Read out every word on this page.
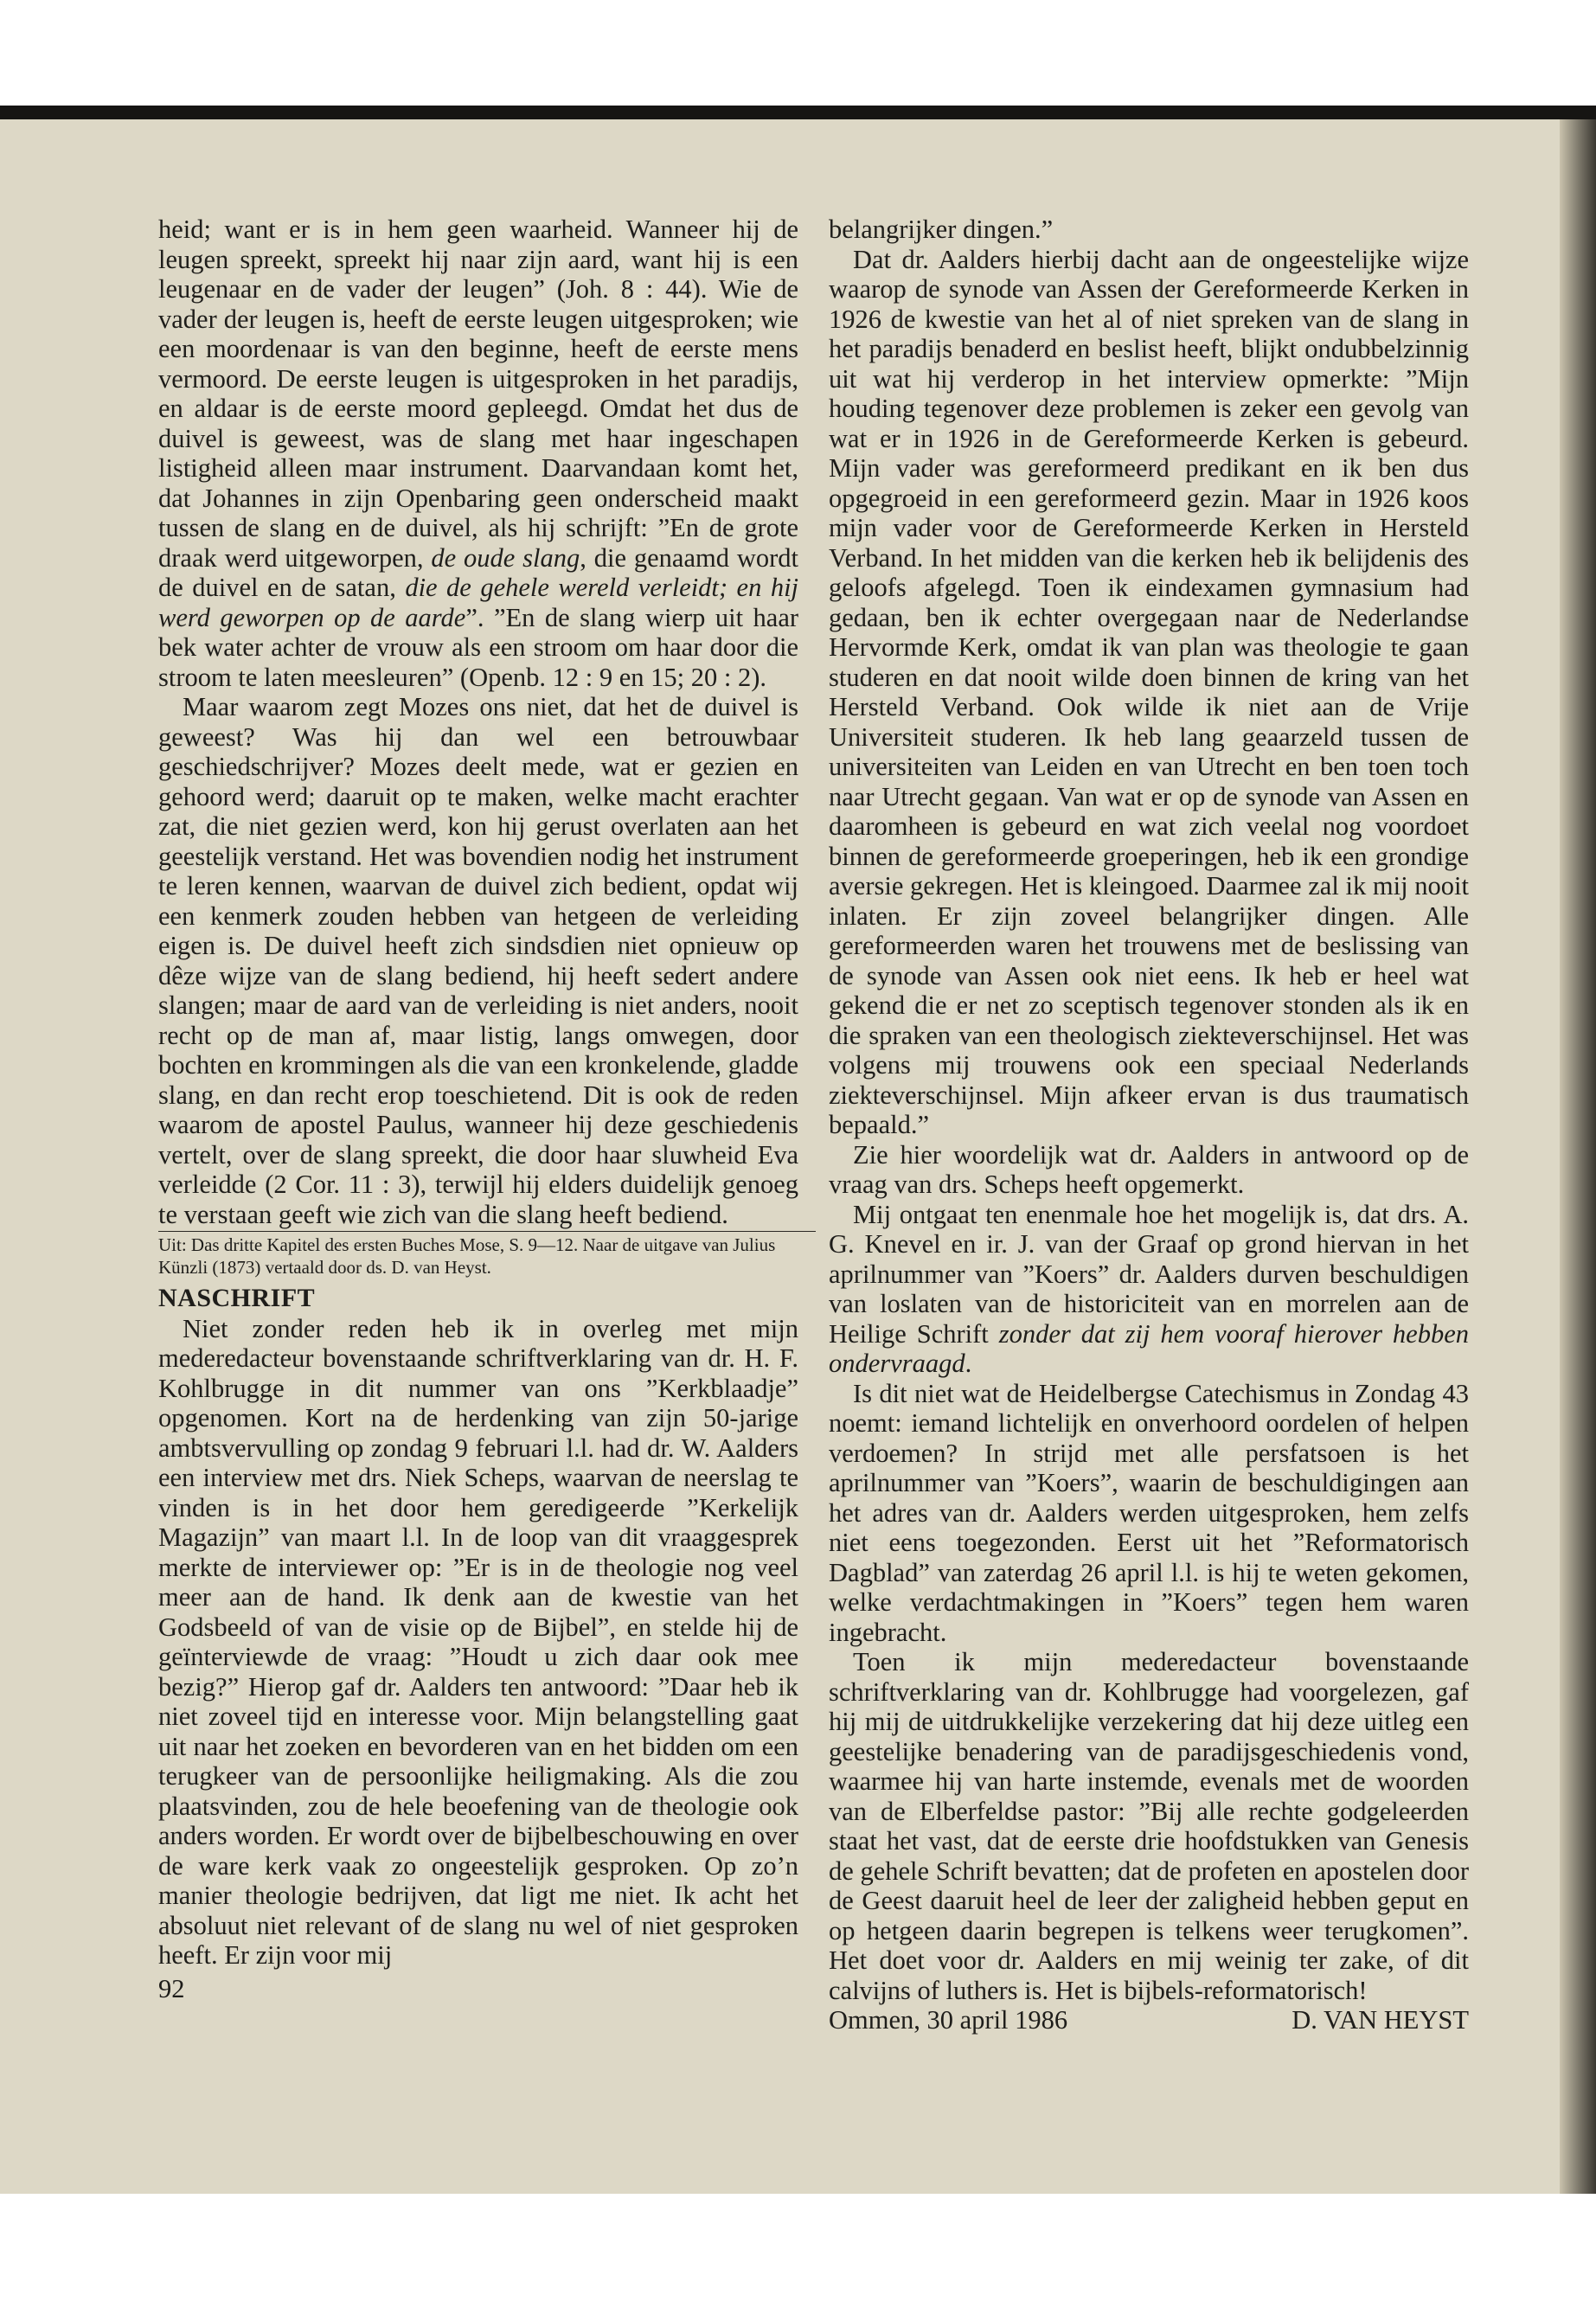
heid; want er is in hem geen waarheid. Wanneer hij de leugen spreekt, spreekt hij naar zijn aard, want hij is een leugenaar en de vader der leugen” (Joh. 8 : 44). Wie de vader der leugen is, heeft de eerste leugen uitgesproken; wie een moordenaar is van den beginne, heeft de eerste mens vermoord. De eerste leugen is uitgesproken in het paradijs, en aldaar is de eerste moord gepleegd. Omdat het dus de duivel is geweest, was de slang met haar ingeschapen listigheid alleen maar instrument. Daarvandaan komt het, dat Johannes in zijn Openbaring geen onderscheid maakt tussen de slang en de duivel, als hij schrijft: ”En de grote draak werd uitgeworpen, de oude slang, die genaamd wordt de duivel en de satan, die de gehele wereld verleidt; en hij werd geworpen op de aarde”. ”En de slang wierp uit haar bek water achter de vrouw als een stroom om haar door die stroom te laten meesleuren” (Openb. 12 : 9 en 15; 20 : 2).

Maar waarom zegt Mozes ons niet, dat het de duivel is geweest? Was hij dan wel een betrouwbaar geschiedschrijver? Mozes deelt mede, wat er gezien en gehoord werd; daaruit op te maken, welke macht erachter zat, die niet gezien werd, kon hij gerust overlaten aan het geestelijk verstand. Het was bovendien nodig het instrument te leren kennen, waarvan de duivel zich bedient, opdat wij een kenmerk zouden hebben van hetgeen de verleiding eigen is. De duivel heeft zich sindsdien niet opnieuw op dêze wijze van de slang bediend, hij heeft sedert andere slangen; maar de aard van de verleiding is niet anders, nooit recht op de man af, maar listig, langs omwegen, door bochten en krommingen als die van een kronkelende, gladde slang, en dan recht erop toeschietend. Dit is ook de reden waarom de apostel Paulus, wanneer hij deze geschiedenis vertelt, over de slang spreekt, die door haar sluwheid Eva verleidde (2 Cor. 11 : 3), terwijl hij elders duidelijk genoeg te verstaan geeft wie zich van die slang heeft bediend.

Uit: Das dritte Kapitel des ersten Buches Mose, S. 9—12. Naar de uitgave van Julius Künzli (1873) vertaald door ds. D. van Heyst.

NASCHRIFT

Niet zonder reden heb ik in overleg met mijn mederedacteur bovenstaande schriftverklaring van dr. H. F. Kohlbrugge in dit nummer van ons ”Kerkblaadje” opgenomen. Kort na de herdenking van zijn 50-jarige ambtsvervulling op zondag 9 februari l.l. had dr. W. Aalders een interview met drs. Niek Scheps, waarvan de neerslag te vinden is in het door hem geredigeerde ”Kerkelijk Magazijn” van maart l.l. In de loop van dit vraaggesprek merkte de interviewer op: ”Er is in de theologie nog veel meer aan de hand. Ik denk aan de kwestie van het Godsbeeld of van de visie op de Bijbel”, en stelde hij de geïnterviewde de vraag: ”Houdt u zich daar ook mee bezig?” Hierop gaf dr. Aalders ten antwoord: ”Daar heb ik niet zoveel tijd en interesse voor. Mijn belangstelling gaat uit naar het zoeken en bevorderen van en het bidden om een terugkeer van de persoonlijke heiligmaking. Als die zou plaatsvinden, zou de hele beoefening van de theologie ook anders worden. Er wordt over de bijbelbeschouwing en over de ware kerk vaak zo ongeestelijk gesproken. Op zo’n manier theologie bedrijven, dat ligt me niet. Ik acht het absoluut niet relevant of de slang nu wel of niet gesproken heeft. Er zijn voor mij

92

belangrijker dingen.”

Dat dr. Aalders hierbij dacht aan de ongeestelijke wijze waarop de synode van Assen der Gereformeerde Kerken in 1926 de kwestie van het al of niet spreken van de slang in het paradijs benaderd en beslist heeft, blijkt ondubbelzinnig uit wat hij verderop in het interview opmerkte: ”Mijn houding tegenover deze problemen is zeker een gevolg van wat er in 1926 in de Gereformeerde Kerken is gebeurd. Mijn vader was gereformeerd predikant en ik ben dus opgegroeid in een gereformeerd gezin. Maar in 1926 koos mijn vader voor de Gereformeerde Kerken in Hersteld Verband. In het midden van die kerken heb ik belijdenis des geloofs afgelegd. Toen ik eindexamen gymnasium had gedaan, ben ik echter overgegaan naar de Nederlandse Hervormde Kerk, omdat ik van plan was theologie te gaan studeren en dat nooit wilde doen binnen de kring van het Hersteld Verband. Ook wilde ik niet aan de Vrije Universiteit studeren. Ik heb lang geaarzeld tussen de universiteiten van Leiden en van Utrecht en ben toen toch naar Utrecht gegaan. Van wat er op de synode van Assen en daaromheen is gebeurd en wat zich veelal nog voordoet binnen de gereformeerde groeperingen, heb ik een grondige aversie gekregen. Het is kleingoed. Daarmee zal ik mij nooit inlaten. Er zijn zoveel belangrijker dingen. Alle gereformeerden waren het trouwens met de beslissing van de synode van Assen ook niet eens. Ik heb er heel wat gekend die er net zo sceptisch tegenover stonden als ik en die spraken van een theologisch ziekteverschijnsel. Het was volgens mij trouwens ook een speciaal Nederlands ziekteverschijnsel. Mijn afkeer ervan is dus traumatisch bepaald.”

Zie hier woordelijk wat dr. Aalders in antwoord op de vraag van drs. Scheps heeft opgemerkt.

Mij ontgaat ten enenmale hoe het mogelijk is, dat drs. A. G. Knevel en ir. J. van der Graaf op grond hiervan in het aprilnummer van ”Koers” dr. Aalders durven beschuldigen van loslaten van de historiciteit van en morrelen aan de Heilige Schrift zonder dat zij hem vooraf hierover hebben ondervraagd.

Is dit niet wat de Heidelbergse Catechismus in Zondag 43 noemt: iemand lichtelijk en onverhoord oordelen of helpen verdoemen? In strijd met alle persfatsoen is het aprilnummer van ”Koers”, waarin de beschuldigingen aan het adres van dr. Aalders werden uitgesproken, hem zelfs niet eens toegezonden. Eerst uit het ”Reformatorisch Dagblad” van zaterdag 26 april l.l. is hij te weten gekomen, welke verdachtmakingen in ”Koers” tegen hem waren ingebracht.

Toen ik mijn mederedacteur bovenstaande schriftverklaring van dr. Kohlbrugge had voorgelezen, gaf hij mij de uitdrukkelijke verzekering dat hij deze uitleg een geestelijke benadering van de paradijsgeschiedenis vond, waarmee hij van harte instemde, evenals met de woorden van de Elberfeldse pastor: ”Bij alle rechte godgeleerden staat het vast, dat de eerste drie hoofdstukken van Genesis de gehele Schrift bevatten; dat de profeten en apostelen door de Geest daaruit heel de leer der zaligheid hebben geput en op hetgeen daarin begrepen is telkens weer terugkomen”. Het doet voor dr. Aalders en mij weinig ter zake, of dit calvijns of luthers is. Het is bijbels-reformatorisch!

Ommen, 30 april 1986	D. VAN HEYST
